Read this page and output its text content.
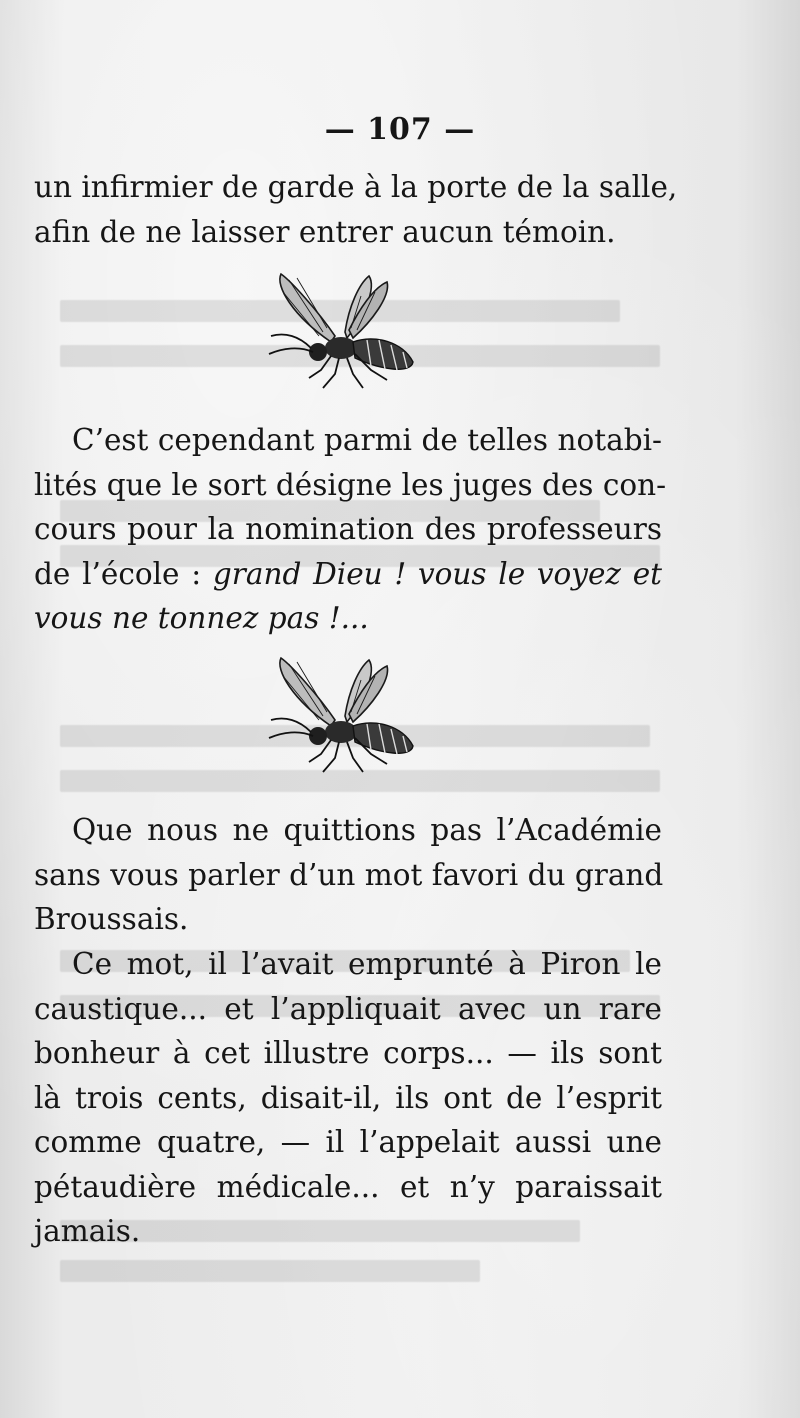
— 107 —
un infirmier de garde à la porte de la salle,
afin de ne laisser entrer aucun témoin.
C’est cependant parmi de telles notabi-
lités que le sort désigne les juges des con-
cours pour la nomination des professeurs
de l’école : grand Dieu ! vous le voyez et
vous ne tonnez pas !...
Que nous ne quittions pas l’Académie
sans vous parler d’un mot favori du grand
Broussais.
Ce mot, il l’avait emprunté à Piron le
caustique... et l’appliquait avec un rare
bonheur à cet illustre corps... — ils sont
là trois cents, disait-il, ils ont de l’esprit
comme quatre, — il l’appelait aussi une
pétaudière médicale... et n’y paraissait
jamais.
